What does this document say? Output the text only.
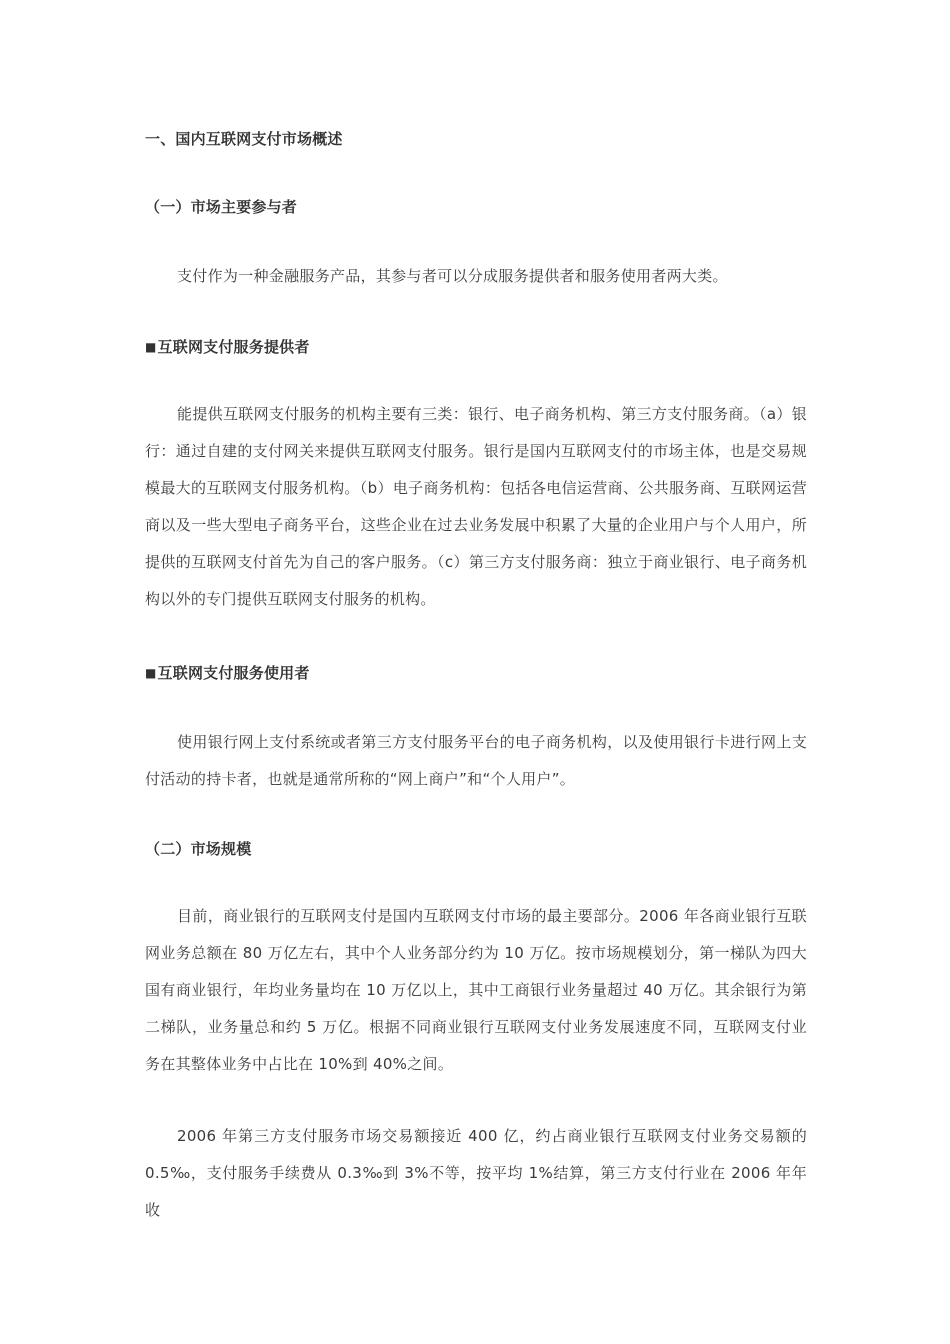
一、国内互联网支付市场概述
（一）市场主要参与者

支付作为一种金融服务产品，其参与者可以分成服务提供者和服务使用者两大类。

■互联网支付服务提供者

能提供互联网支付服务的机构主要有三类：银行、电子商务机构、第三方支付服务商。（a）银行：通过自建的支付网关来提供互联网支付服务。银行是国内互联网支付的市场主体，也是交易规模最大的互联网支付服务机构。（b）电子商务机构：包括各电信运营商、公共服务商、互联网运营商以及一些大型电子商务平台，这些企业在过去业务发展中积累了大量的企业用户与个人用户，所提供的互联网支付首先为自己的客户服务。（c）第三方支付服务商：独立于商业银行、电子商务机构以外的专门提供互联网支付服务的机构。

■互联网支付服务使用者

使用银行网上支付系统或者第三方支付服务平台的电子商务机构，以及使用银行卡进行网上支付活动的持卡者，也就是通常所称的“网上商户”和“个人用户”。

（二）市场规模

目前，商业银行的互联网支付是国内互联网支付市场的最主要部分。2006 年各商业银行互联网业务总额在 80 万亿左右，其中个人业务部分约为 10 万亿。按市场规模划分，第一梯队为四大国有商业银行，年均业务量均在 10 万亿以上，其中工商银行业务量超过 40 万亿。其余银行为第二梯队，业务量总和约 5 万亿。根据不同商业银行互联网支付业务发展速度不同，互联网支付业务在其整体业务中占比在 10%到 40%之间。

2006 年第三方支付服务市场交易额接近 400 亿，约占商业银行互联网支付业务交易额的 0.5‰，支付服务手续费从 0.3‰到 3%不等，按平均 1%结算，第三方支付行业在 2006 年年收
